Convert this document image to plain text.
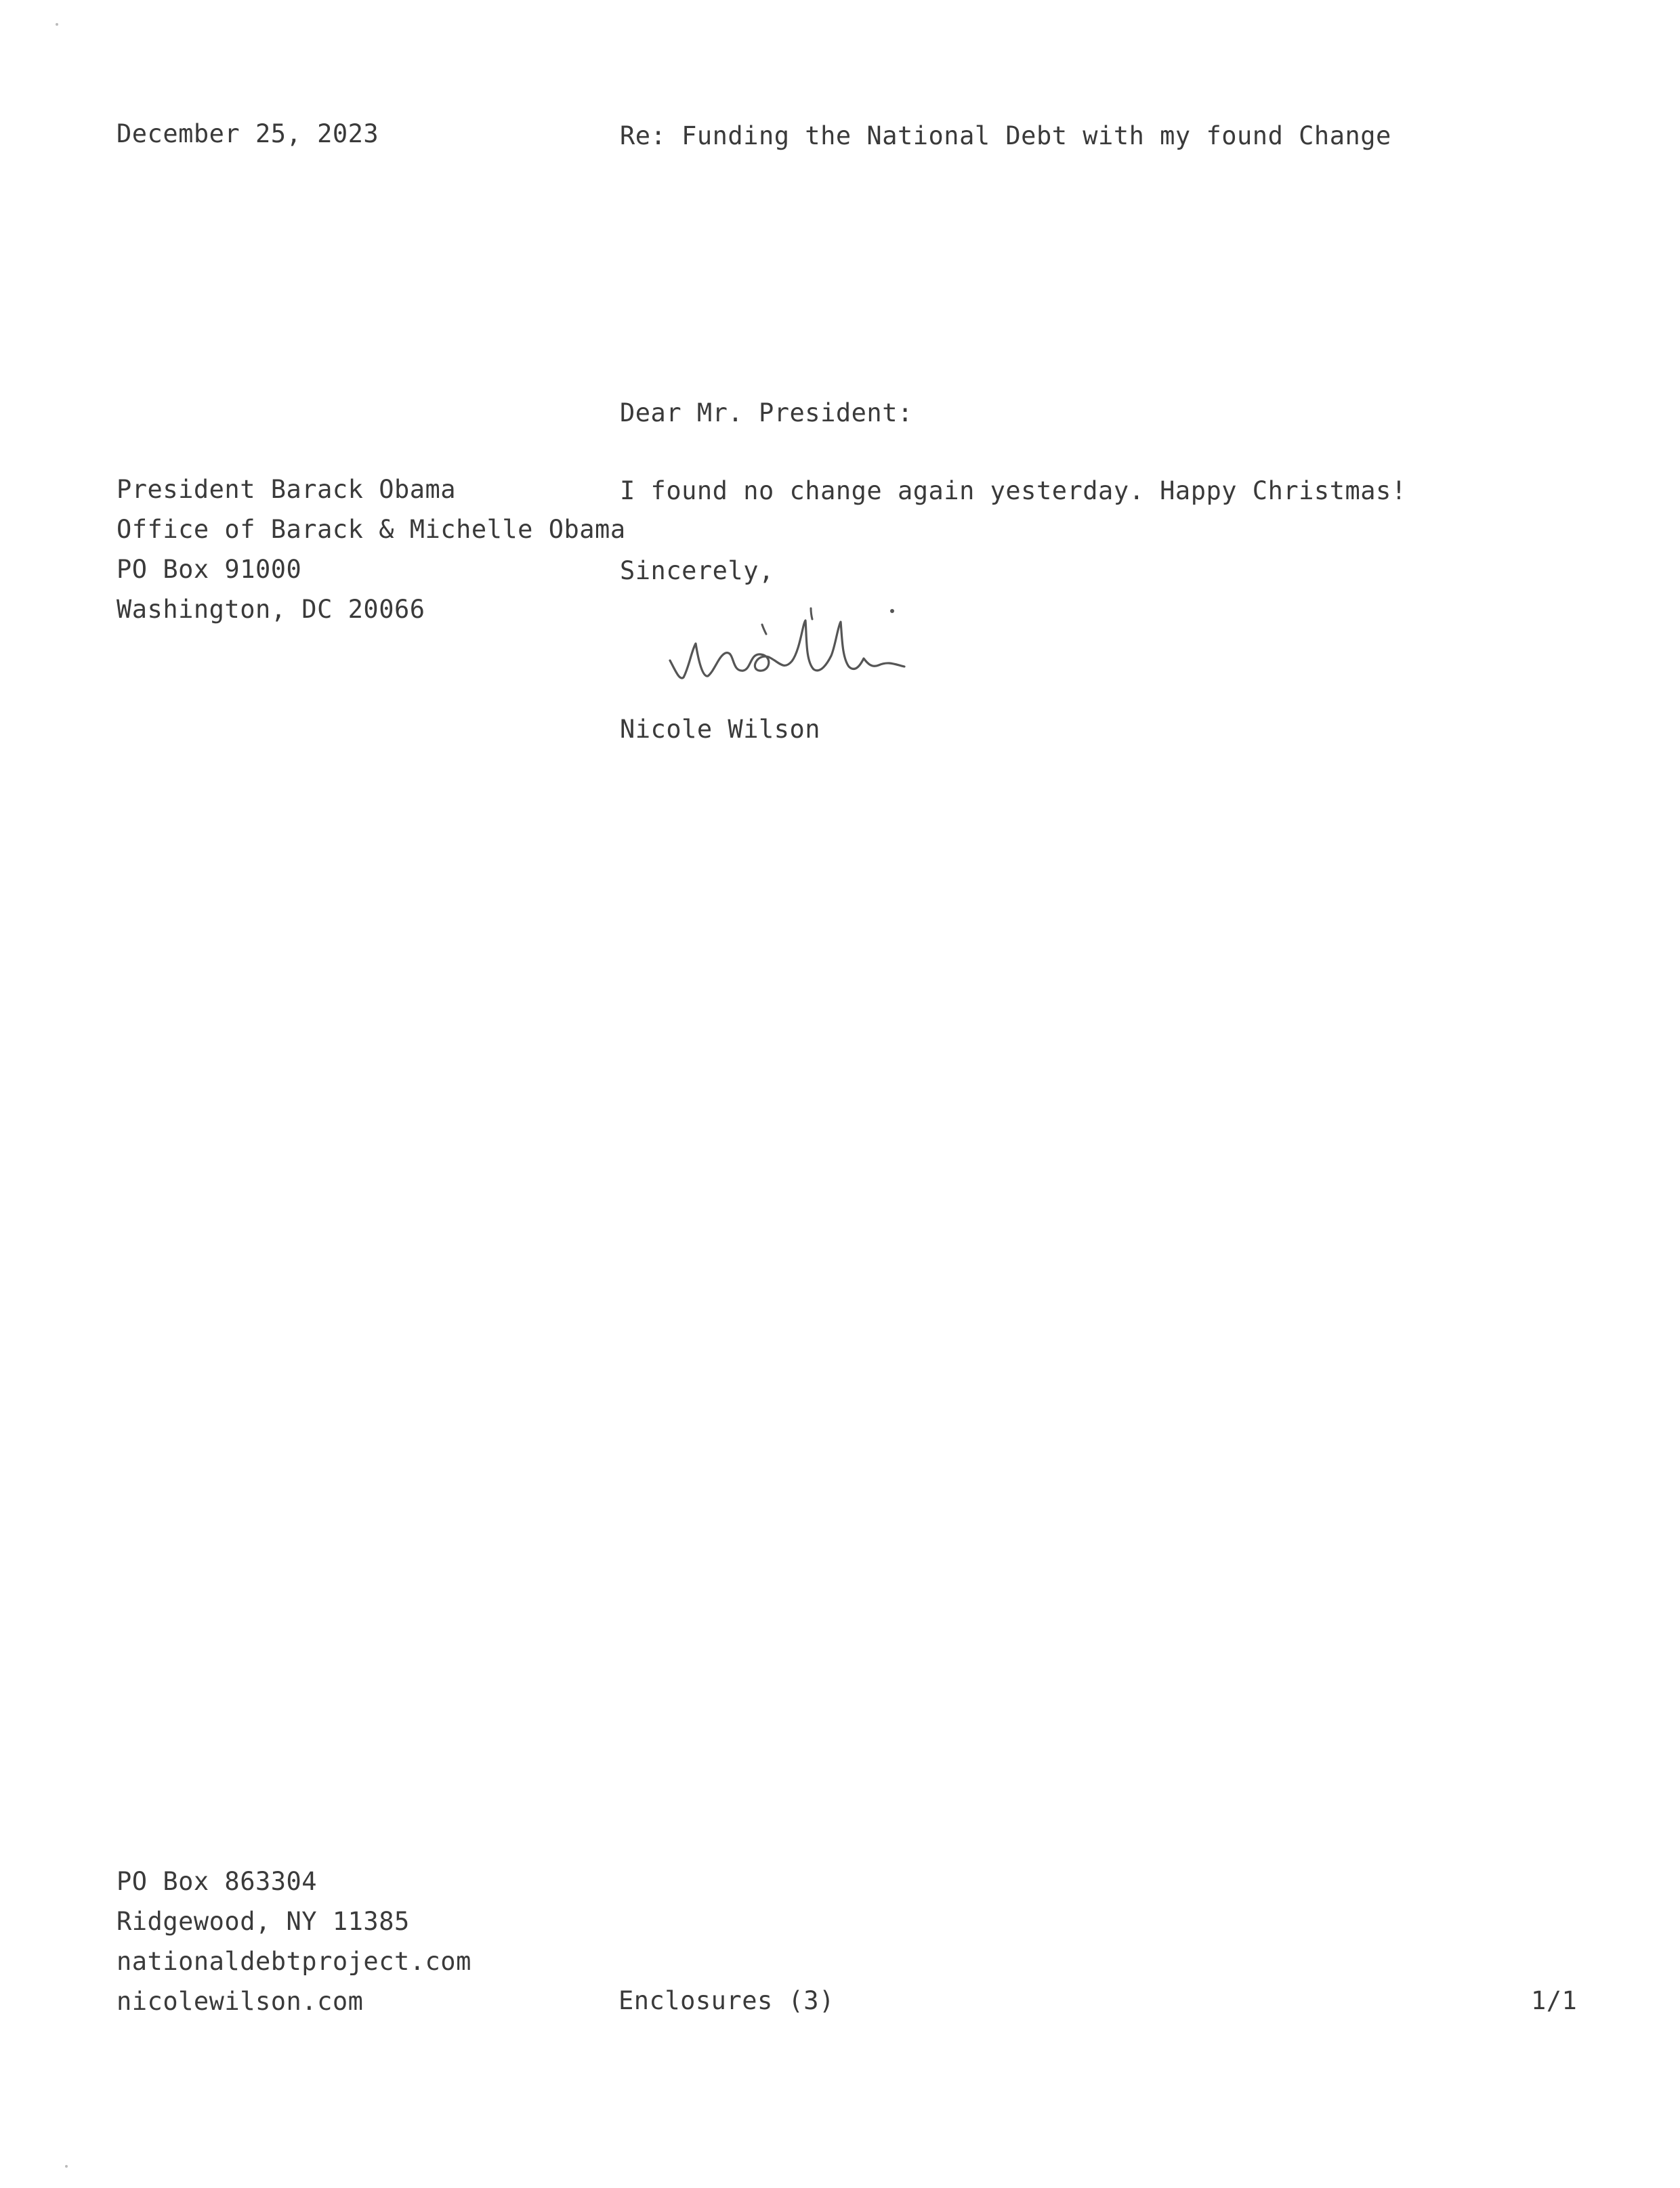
December 25, 2023	Re: Funding the National Debt with my found Change
Dear Mr. President:
President Barack Obama
Office of Barack & Michelle Obama
PO Box 91000
Washington, DC 20066
I found no change again yesterday. Happy Christmas!
Sincerely,
Nicole Wilson
PO Box 863304
Ridgewood, NY 11385
nationaldebtproject.com
nicolewilson.com	Enclosures (3)	1/1
